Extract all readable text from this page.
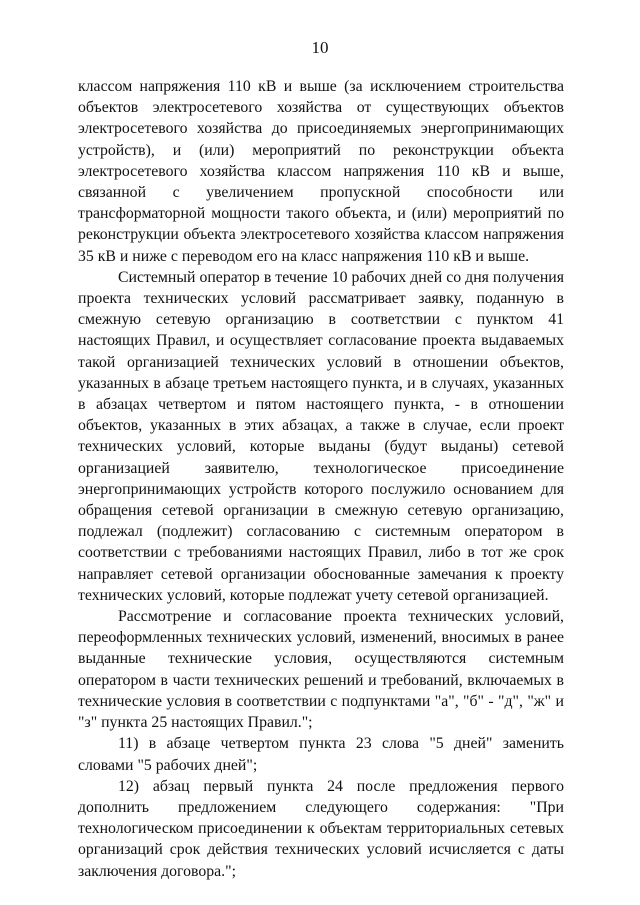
10

классом напряжения 110 кВ и выше (за исключением строительства объектов электросетевого хозяйства от существующих объектов электросетевого хозяйства до присоединяемых энергопринимающих устройств), и (или) мероприятий по реконструкции объекта электросетевого хозяйства классом напряжения 110 кВ и выше, связанной с увеличением пропускной способности или трансформаторной мощности такого объекта, и (или) мероприятий по реконструкции объекта электросетевого хозяйства классом напряжения 35 кВ и ниже с переводом его на класс напряжения 110 кВ и выше.

Системный оператор в течение 10 рабочих дней со дня получения проекта технических условий рассматривает заявку, поданную в смежную сетевую организацию в соответствии с пунктом 41 настоящих Правил, и осуществляет согласование проекта выдаваемых такой организацией технических условий в отношении объектов, указанных в абзаце третьем настоящего пункта, и в случаях, указанных в абзацах четвертом и пятом настоящего пункта, - в отношении объектов, указанных в этих абзацах, а также в случае, если проект технических условий, которые выданы (будут выданы) сетевой организацией заявителю, технологическое присоединение энергопринимающих устройств которого послужило основанием для обращения сетевой организации в смежную сетевую организацию, подлежал (подлежит) согласованию с системным оператором в соответствии с требованиями настоящих Правил, либо в тот же срок направляет сетевой организации обоснованные замечания к проекту технических условий, которые подлежат учету сетевой организацией.

Рассмотрение и согласование проекта технических условий, переоформленных технических условий, изменений, вносимых в ранее выданные технические условия, осуществляются системным оператором в части технических решений и требований, включаемых в технические условия в соответствии с подпунктами "а", "б" - "д", "ж" и "з" пункта 25 настоящих Правил.";

11) в абзаце четвертом пункта 23 слова "5 дней" заменить словами "5 рабочих дней";

12) абзац первый пункта 24 после предложения первого дополнить предложением следующего содержания: "При технологическом присоединении к объектам территориальных сетевых организаций срок действия технических условий исчисляется с даты заключения договора.";
